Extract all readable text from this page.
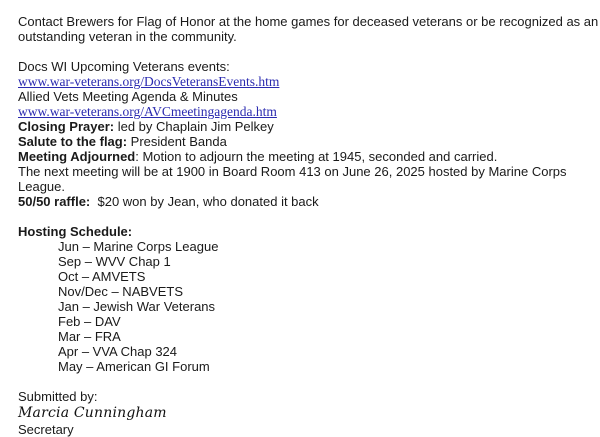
Contact Brewers for Flag of Honor at the home games for deceased veterans or be recognized as an
outstanding veteran in the community.
Docs WI Upcoming Veterans events:
www.war-veterans.org/DocsVeteransEvents.htm
Allied Vets Meeting Agenda & Minutes
www.war-veterans.org/AVCmeetingagenda.htm
Closing Prayer: led by Chaplain Jim Pelkey
Salute to the flag: President Banda
Meeting Adjourned: Motion to adjourn the meeting at 1945, seconded and carried.
The next meeting will be at 1900 in Board Room 413 on June 26, 2025 hosted by Marine Corps
League.
50/50 raffle:  $20 won by Jean, who donated it back
Hosting Schedule:
Jun – Marine Corps League
Sep – WVV Chap 1
Oct – AMVETS
Nov/Dec – NABVETS
Jan – Jewish War Veterans
Feb – DAV
Mar – FRA
Apr – VVA Chap 324
May – American GI Forum
Submitted by:
Marcia Cunningham
Secretary
